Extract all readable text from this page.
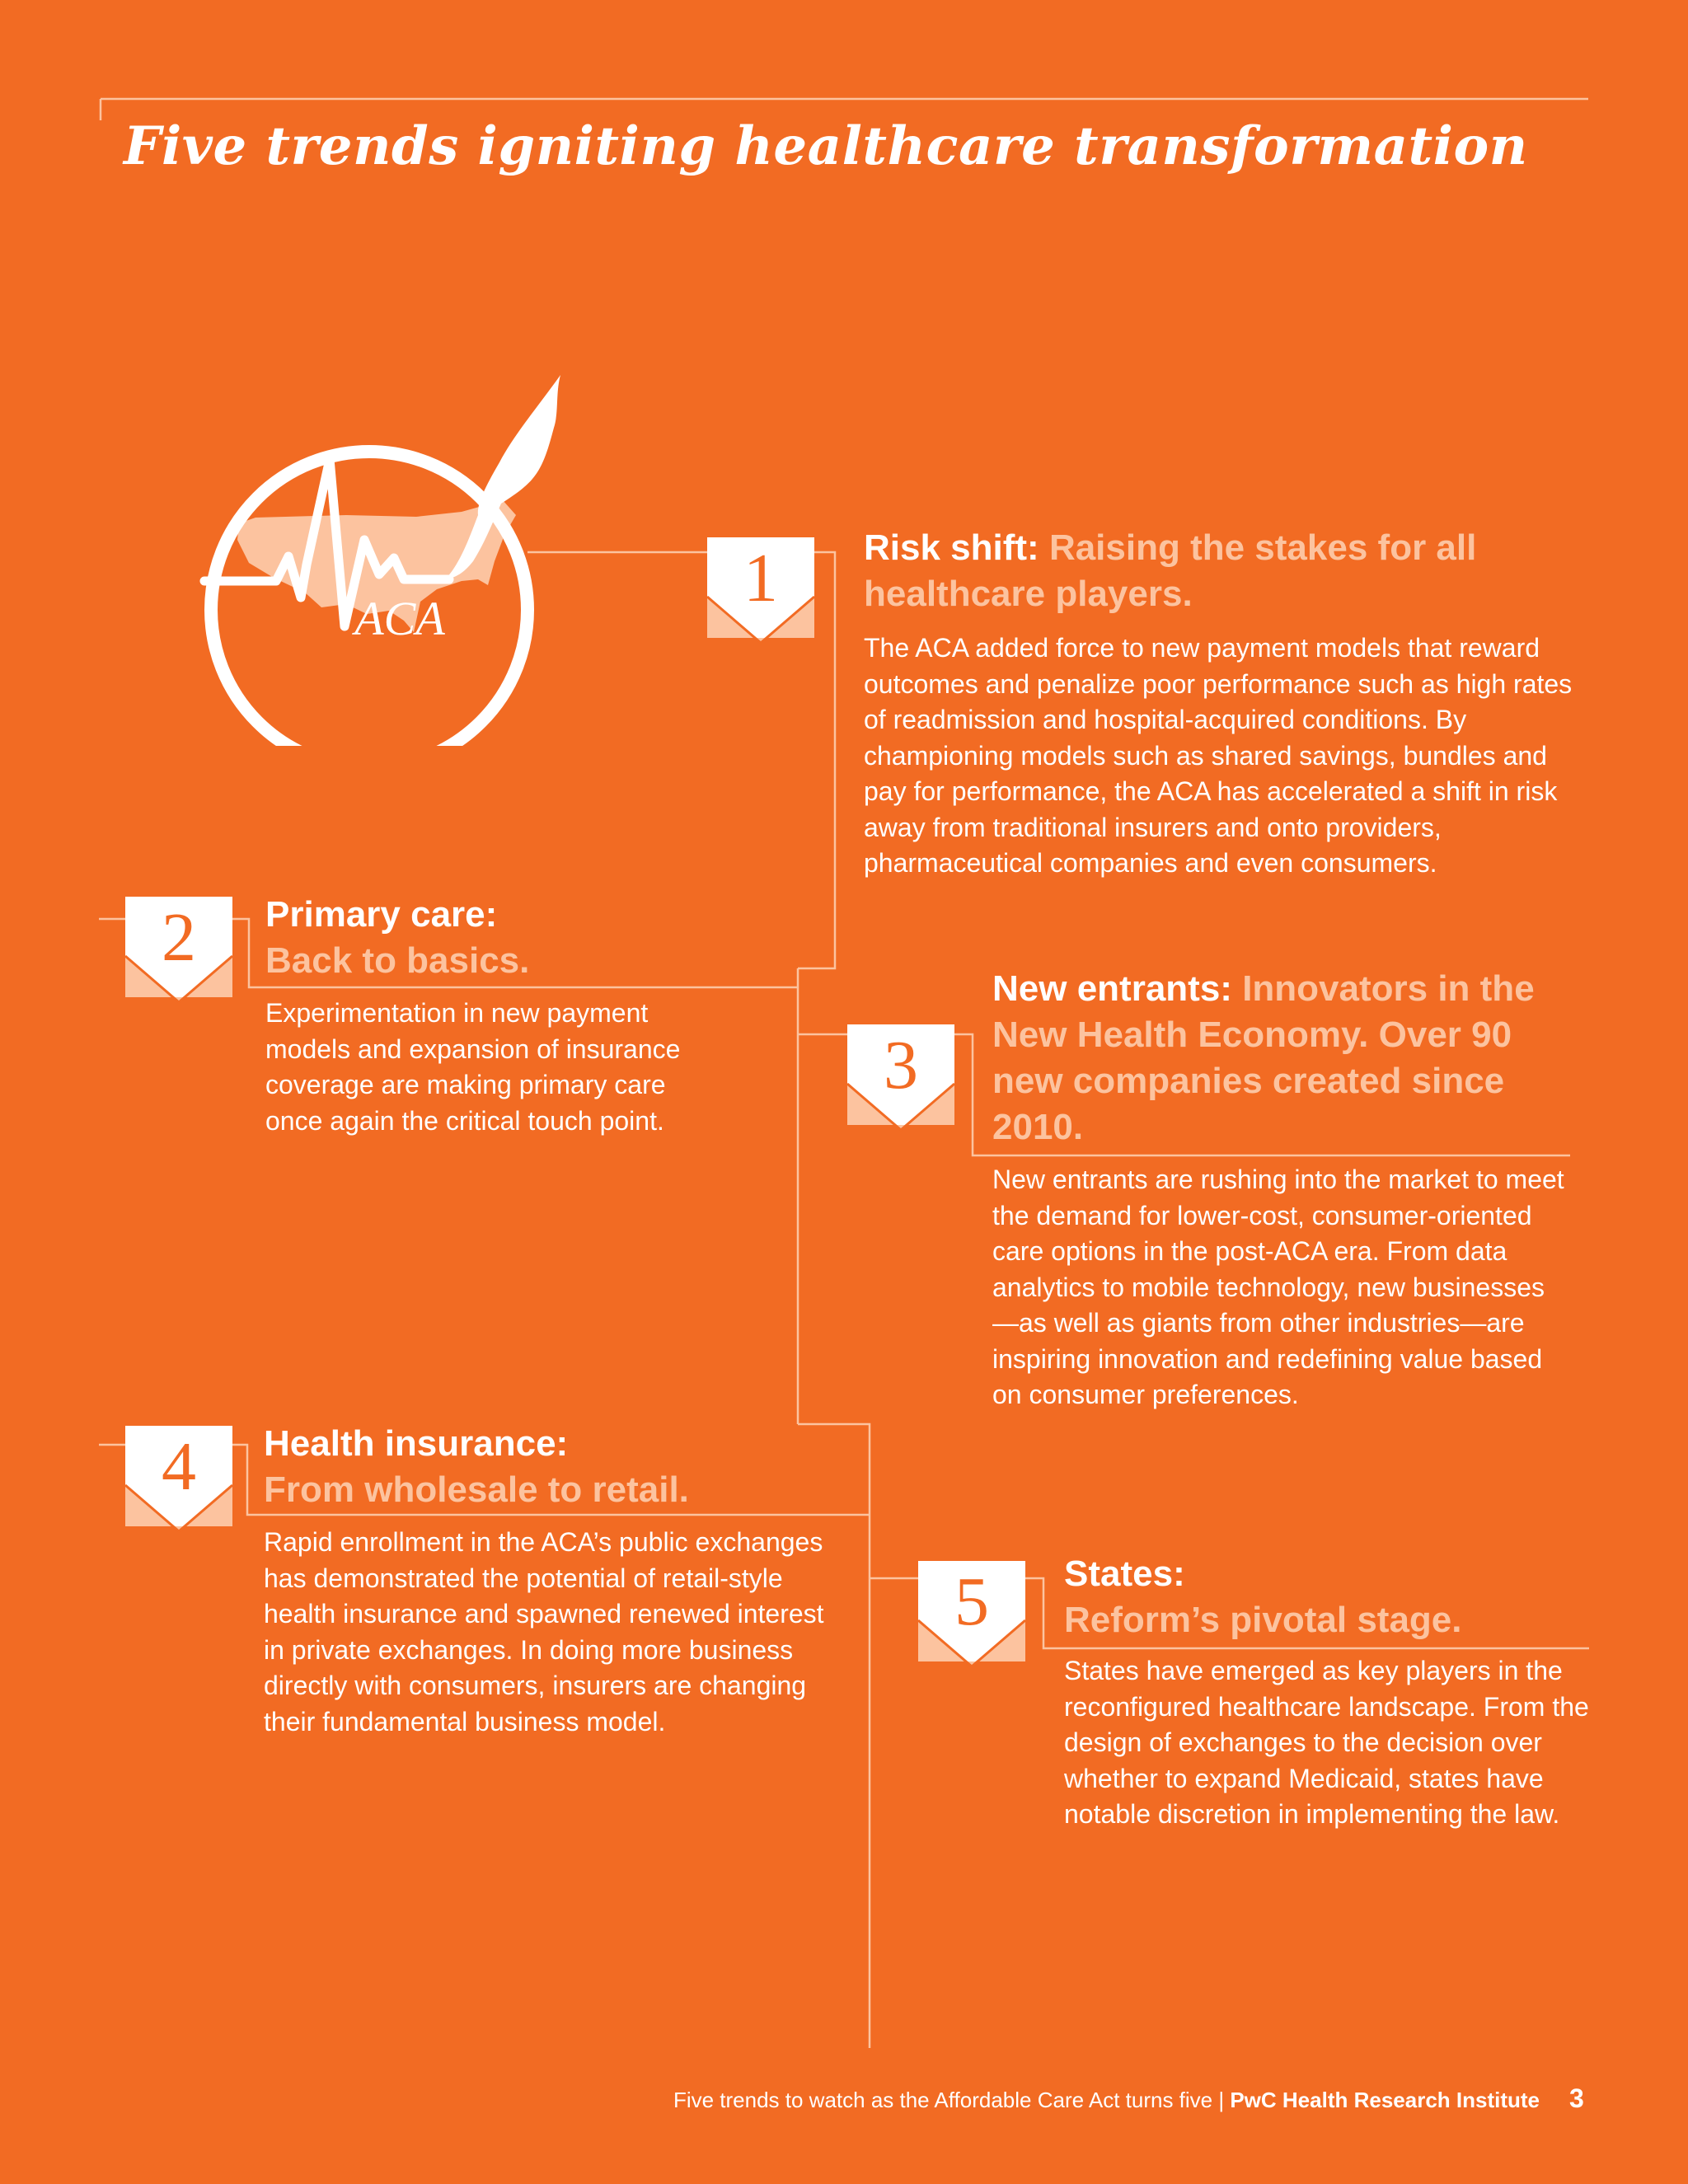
Five trends igniting healthcare transformation
ACA
1	Risk shift: Raising the stakes for all healthcare players.
The ACA added force to new payment models that reward outcomes and penalize poor performance such as high rates of readmission and hospital-acquired conditions. By championing models such as shared savings, bundles and pay for performance, the ACA has accelerated a shift in risk away from traditional insurers and onto providers, pharmaceutical companies and even consumers.
2	Primary care:
Back to basics.
Experimentation in new payment models and expansion of insurance coverage are making primary care once again the critical touch point.
3
New entrants: Innovators in the New Health Economy. Over 90 new companies created since 2010.
New entrants are rushing into the market to meet the demand for lower-cost, consumer-oriented care options in the post-ACA era. From data analytics to mobile technology, new businesses—as well as giants from other industries—are inspiring innovation and redefining value based on consumer preferences.
4	Health insurance:
From wholesale to retail.
Rapid enrollment in the ACA’s public exchanges has demonstrated the potential of retail-style health insurance and spawned renewed interest in private exchanges. In doing more business directly with consumers, insurers are changing their fundamental business model.
5	States:
Reform’s pivotal stage.
States have emerged as key players in the reconfigured healthcare landscape. From the design of exchanges to the decision over whether to expand Medicaid, states have notable discretion in implementing the law.
Five trends to watch as the Affordable Care Act turns five | PwC Health Research Institute 3
